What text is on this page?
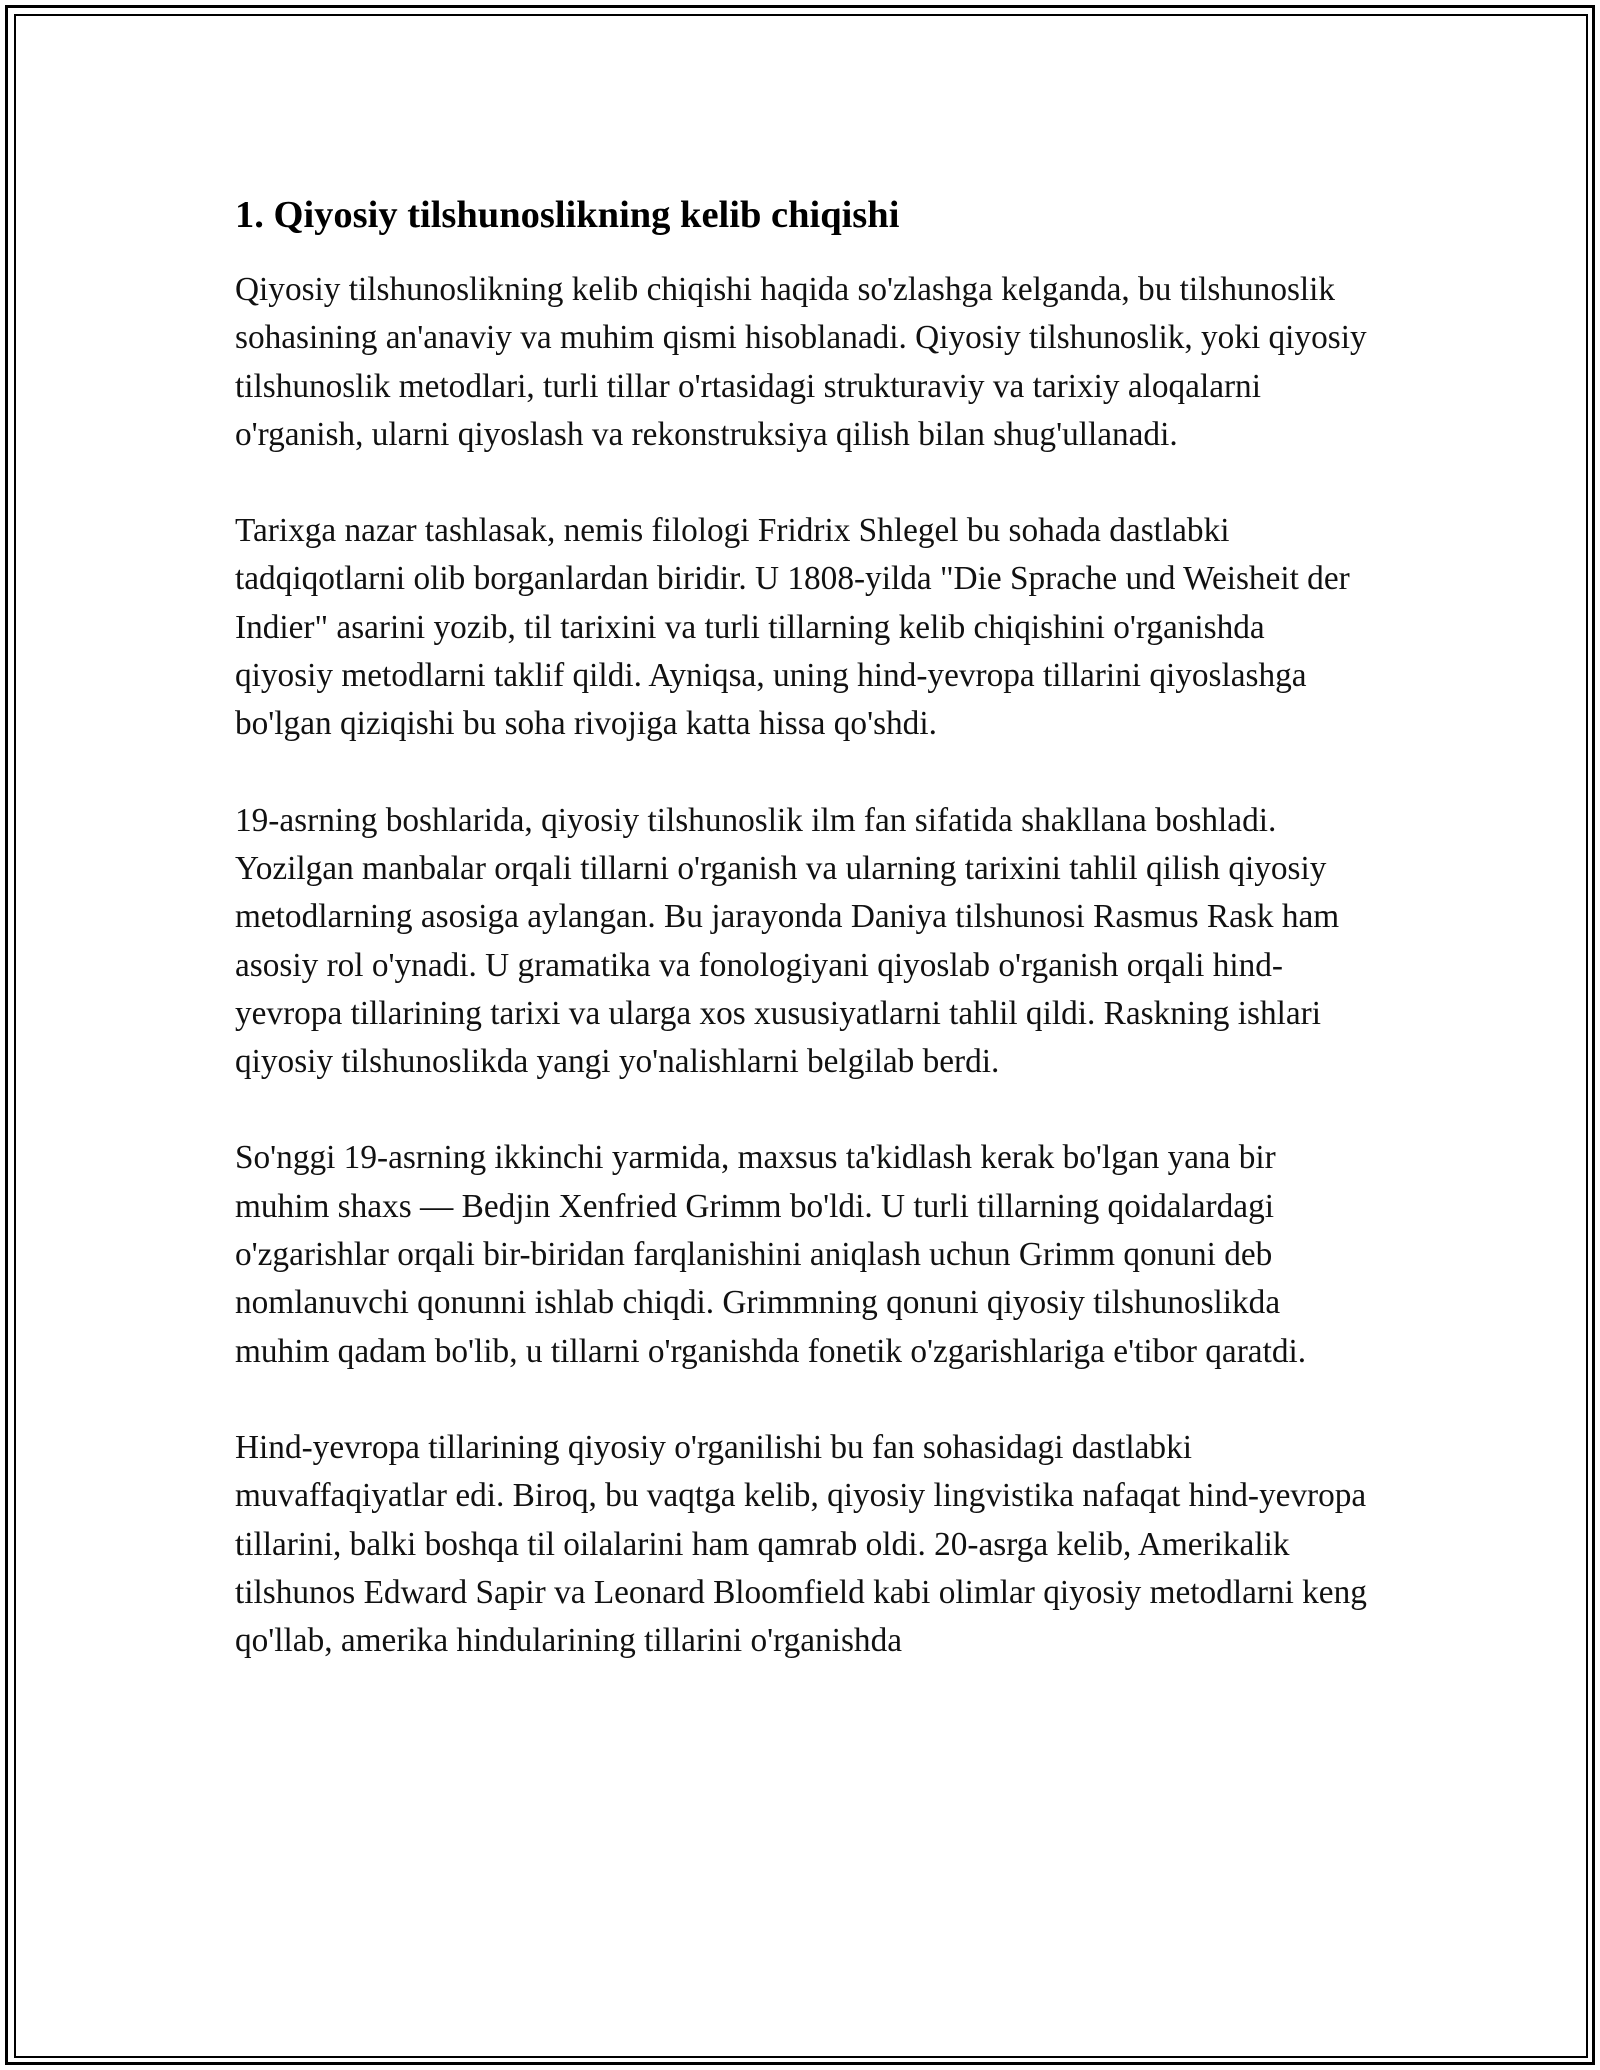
1. Qiyosiy tilshunoslikning kelib chiqishi

Qiyosiy tilshunoslikning kelib chiqishi haqida so'zlashga kelganda, bu tilshunoslik sohasining an'anaviy va muhim qismi hisoblanadi. Qiyosiy tilshunoslik, yoki qiyosiy tilshunoslik metodlari, turli tillar o'rtasidagi strukturaviy va tarixiy aloqalarni o'rganish, ularni qiyoslash va rekonstruksiya qilish bilan shug'ullanadi.

Tarixga nazar tashlasak, nemis filologi Fridrix Shlegel bu sohada dastlabki tadqiqotlarni olib borganlardan biridir. U 1808-yilda "Die Sprache und Weisheit der Indier" asarini yozib, til tarixini va turli tillarning kelib chiqishini o'rganishda qiyosiy metodlarni taklif qildi. Ayniqsa, uning hind-yevropa tillarini qiyoslashga bo'lgan qiziqishi bu soha rivojiga katta hissa qo'shdi.

19-asrning boshlarida, qiyosiy tilshunoslik ilm fan sifatida shakllana boshladi. Yozilgan manbalar orqali tillarni o'rganish va ularning tarixini tahlil qilish qiyosiy metodlarning asosiga aylangan. Bu jarayonda Daniya tilshunosi Rasmus Rask ham asosiy rol o'ynadi. U gramatika va fonologiyani qiyoslab o'rganish orqali hind-yevropa tillarining tarixi va ularga xos xususiyatlarni tahlil qildi. Raskning ishlari qiyosiy tilshunoslikda yangi yo'nalishlarni belgilab berdi.

So'nggi 19-asrning ikkinchi yarmida, maxsus ta'kidlash kerak bo'lgan yana bir muhim shaxs — Bedjin Xenfried Grimm bo'ldi. U turli tillarning qoidalardagi o'zgarishlar orqali bir-biridan farqlanishini aniqlash uchun Grimm qonuni deb nomlanuvchi qonunni ishlab chiqdi. Grimmning qonuni qiyosiy tilshunoslikda muhim qadam bo'lib, u tillarni o'rganishda fonetik o'zgarishlariga e'tibor qaratdi.

Hind-yevropa tillarining qiyosiy o'rganilishi bu fan sohasidagi dastlabki muvaffaqiyatlar edi. Biroq, bu vaqtga kelib, qiyosiy lingvistika nafaqat hind-yevropa tillarini, balki boshqa til oilalarini ham qamrab oldi. 20-asrga kelib, Amerikalik tilshunos Edward Sapir va Leonard Bloomfield kabi olimlar qiyosiy metodlarni keng qo'llab, amerika hindularining tillarini o'rganishda
